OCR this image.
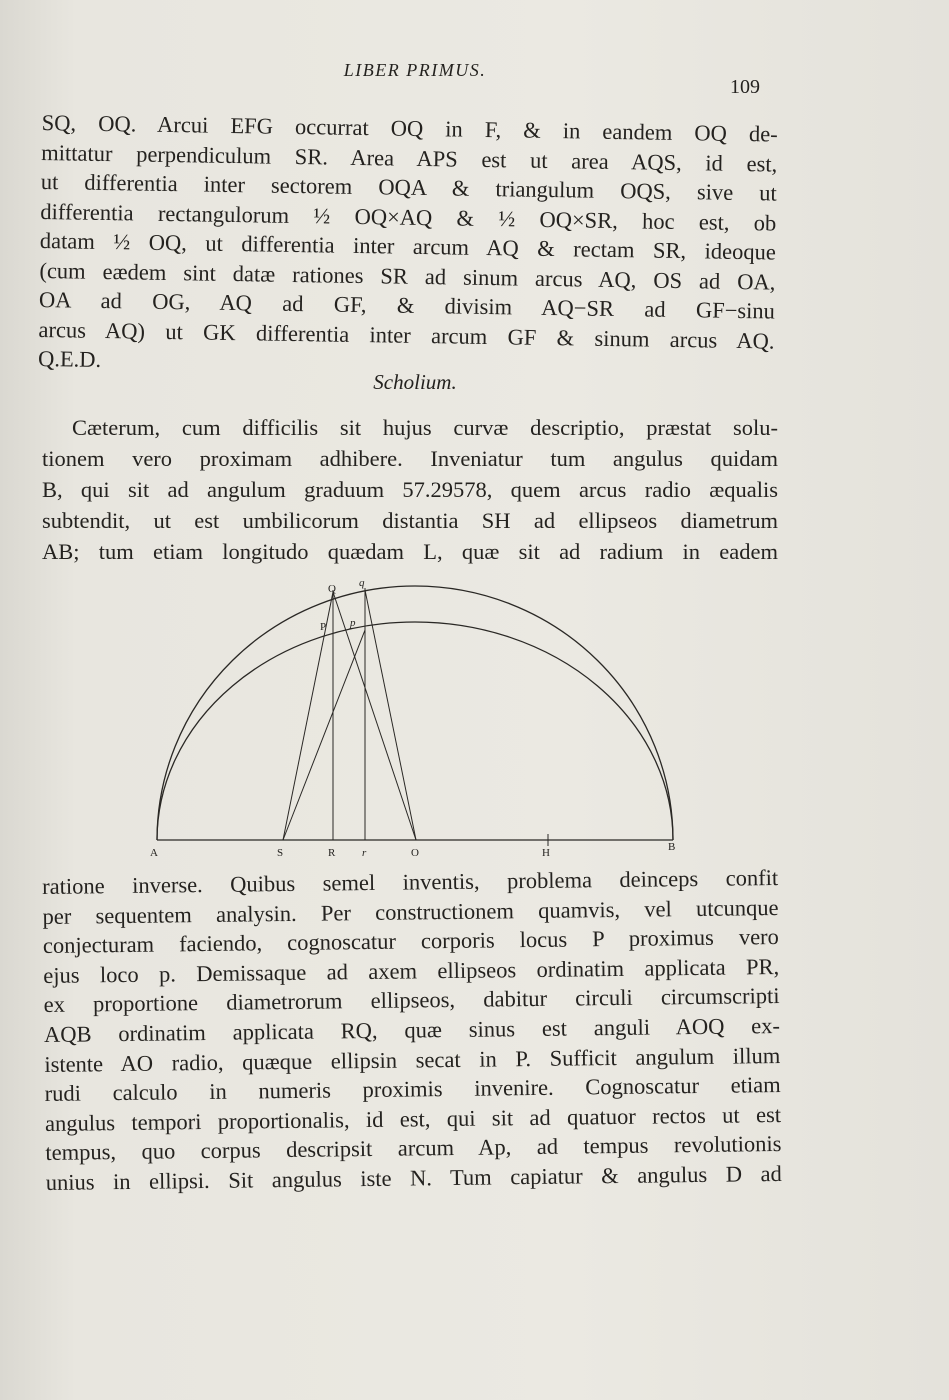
LIBER PRIMUS.
109
SQ, OQ. Arcui EFG occurrat OQ in F, & in eandem OQ de-
mittatur perpendiculum SR. Area APS est ut area AQS, id est,
ut differentia inter sectorem OQA & triangulum OQS, sive ut
differentia rectangulorum ½ OQ×AQ & ½ OQ×SR, hoc est, ob
datam ½ OQ, ut differentia inter arcum AQ & rectam SR, ideoque
(cum eædem sint datæ rationes SR ad sinum arcus AQ, OS ad OA,
OA ad OG, AQ ad GF, & divisim AQ−SR ad GF−sinu
arcus AQ) ut GK differentia inter arcum GF & sinum arcus AQ.
Q.E.D.
Scholium.
Cæterum, cum difficilis sit hujus curvæ descriptio, præstat solu-
tionem vero proximam adhibere. Inveniatur tum angulus quidam
B, qui sit ad angulum graduum 57.29578, quem arcus radio æqualis
subtendit, ut est umbilicorum distantia SH ad ellipseos diametrum
AB; tum etiam longitudo quædam L, quæ sit ad radium in eadem
A	S	R r	O	H	B
Q q
P p
ratione inverse. Quibus semel inventis, problema deinceps confit
per sequentem analysin. Per constructionem quamvis, vel utcunque
conjecturam faciendo, cognoscatur corporis locus P proximus vero
ejus loco p. Demissaque ad axem ellipseos ordinatim applicata PR,
ex proportione diametrorum ellipseos, dabitur circuli circumscripti
AQB ordinatim applicata RQ, quæ sinus est anguli AOQ ex-
istente AO radio, quæque ellipsin secat in P. Sufficit angulum illum
rudi calculo in numeris proximis invenire. Cognoscatur etiam
angulus tempori proportionalis, id est, qui sit ad quatuor rectos ut est
tempus, quo corpus descripsit arcum Ap, ad tempus revolutionis
unius in ellipsi. Sit angulus iste N. Tum capiatur & angulus D ad
